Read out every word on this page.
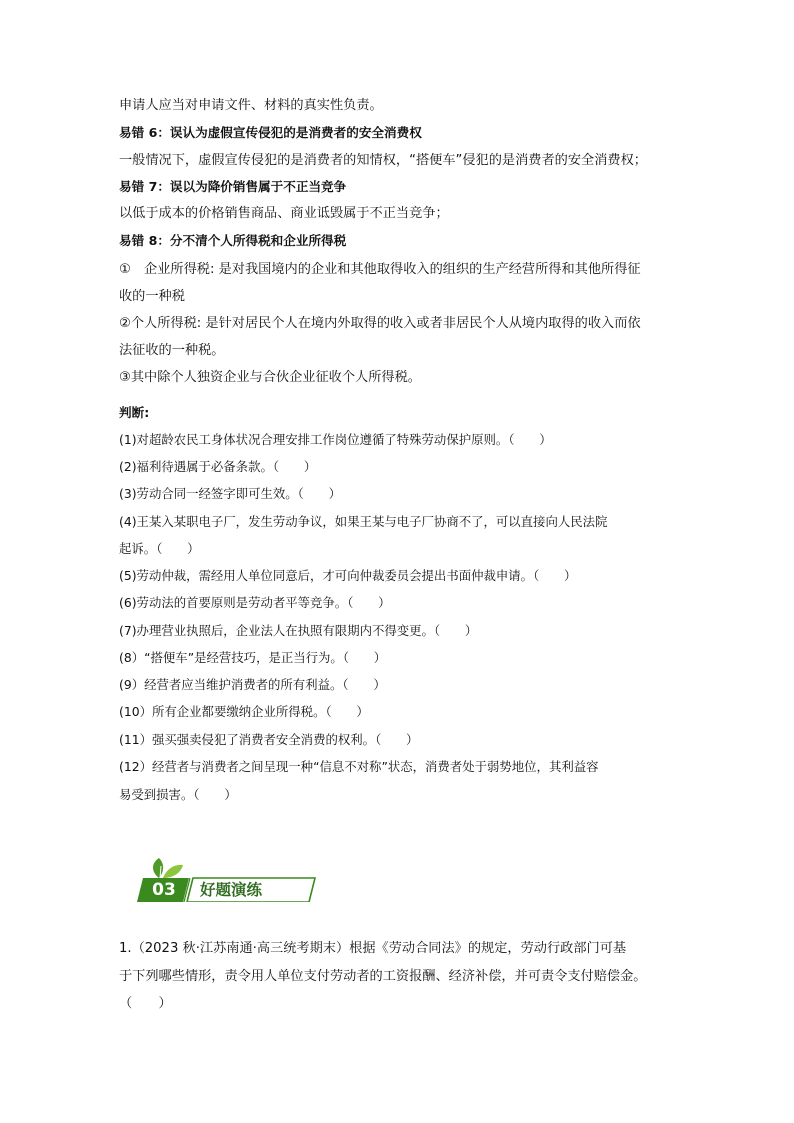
申请人应当对申请文件、材料的真实性负责。
易错 6：误认为虚假宣传侵犯的是消费者的安全消费权
一般情况下，虚假宣传侵犯的是消费者的知情权，“搭便车”侵犯的是消费者的安全消费权；
易错 7：误以为降价销售属于不正当竞争
以低于成本的价格销售商品、商业诋毁属于不正当竞争；
易错 8：分不清个人所得税和企业所得税
①　企业所得税: 是对我国境内的企业和其他取得收入的组织的生产经营所得和其他所得征
收的一种税
②个人所得税: 是针对居民个人在境内外取得的收入或者非居民个人从境内取得的收入而依
法征收的一种税。
③其中除个人独资企业与合伙企业征收个人所得税。
判断:
(1)对超龄农民工身体状况合理安排工作岗位遵循了特殊劳动保护原则。（　　）
(2)福利待遇属于必备条款。（　　）
(3)劳动合同一经签字即可生效。（　　）
(4)王某入某职电子厂，发生劳动争议，如果王某与电子厂协商不了，可以直接向人民法院
起诉。（　　）
(5)劳动仲裁，需经用人单位同意后，才可向仲裁委员会提出书面仲裁申请。（　　）
(6)劳动法的首要原则是劳动者平等竞争。（　　）
(7)办理营业执照后，企业法人在执照有限期内不得变更。（　　）
(8）“搭便车”是经营技巧，是正当行为。（　　）
(9）经营者应当维护消费者的所有利益。（　　）
(10）所有企业都要缴纳企业所得税。（　　）
(11）强买强卖侵犯了消费者安全消费的权利。（　　）
(12）经营者与消费者之间呈现一种“信息不对称”状态，消费者处于弱势地位，其利益容
易受到损害。（　　）
03	好题演练
1.（2023 秋·江苏南通·高三统考期末）根据《劳动合同法》的规定，劳动行政部门可基
于下列哪些情形，责令用人单位支付劳动者的工资报酬、经济补偿，并可责令支付赔偿金。
（　　）
